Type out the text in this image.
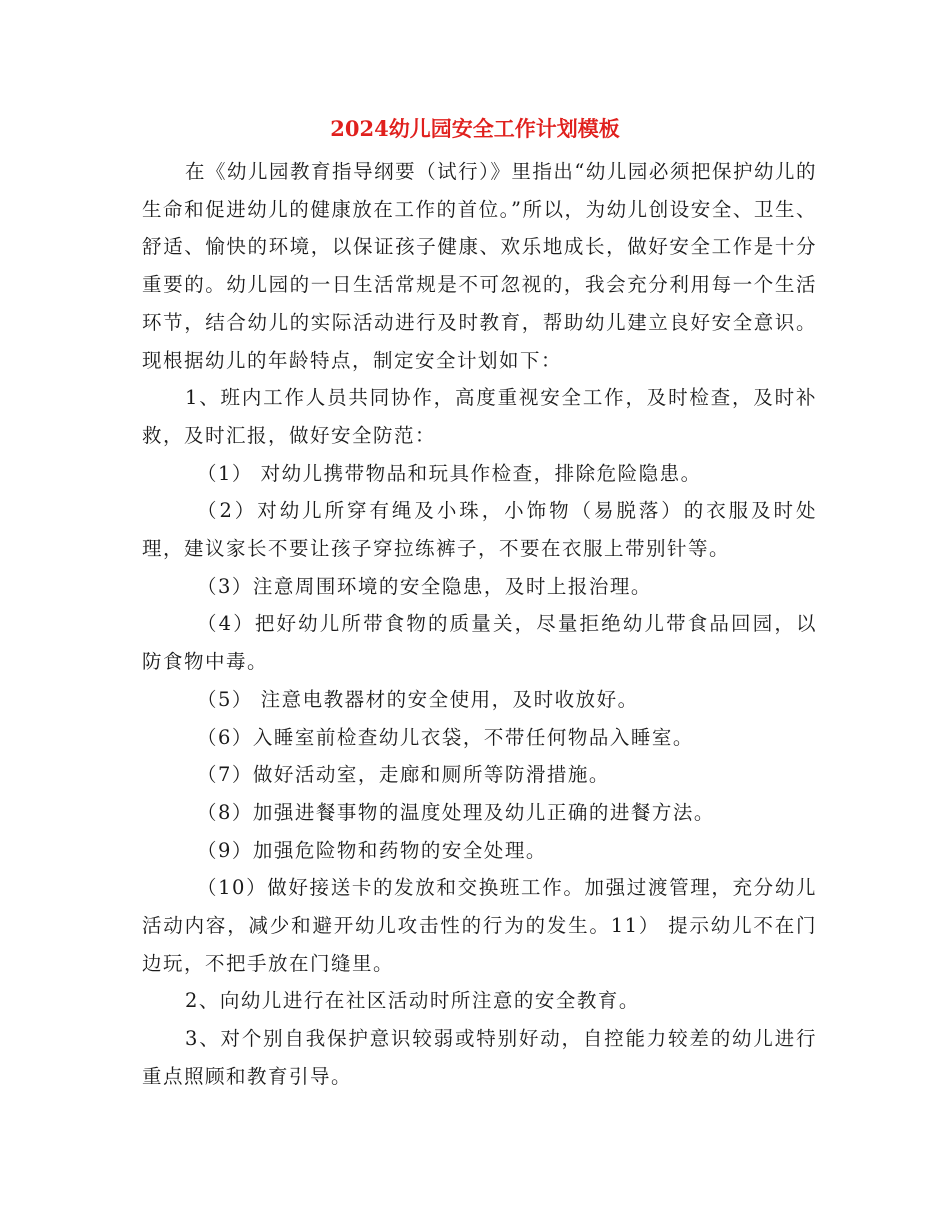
2024幼儿园安全工作计划模板

在《幼儿园教育指导纲要（试行）》里指出“幼儿园必须把保护幼儿的生命和促进幼儿的健康放在工作的首位。”所以，为幼儿创设安全、卫生、舒适、愉快的环境，以保证孩子健康、欢乐地成长，做好安全工作是十分重要的。幼儿园的一日生活常规是不可忽视的，我会充分利用每一个生活环节，结合幼儿的实际活动进行及时教育，帮助幼儿建立良好安全意识。现根据幼儿的年龄特点，制定安全计划如下：

1、班内工作人员共同协作，高度重视安全工作，及时检查，及时补救，及时汇报，做好安全防范：

（1） 对幼儿携带物品和玩具作检查，排除危险隐患。

（2）对幼儿所穿有绳及小珠，小饰物（易脱落）的衣服及时处理，建议家长不要让孩子穿拉练裤子，不要在衣服上带别针等。

（3）注意周围环境的安全隐患，及时上报治理。

（4）把好幼儿所带食物的质量关，尽量拒绝幼儿带食品回园，以防食物中毒。

（5） 注意电教器材的安全使用，及时收放好。

（6）入睡室前检查幼儿衣袋，不带任何物品入睡室。

（7）做好活动室，走廊和厕所等防滑措施。

（8）加强进餐事物的温度处理及幼儿正确的进餐方法。

（9）加强危险物和药物的安全处理。

（10）做好接送卡的发放和交换班工作。加强过渡管理，充分幼儿活动内容，减少和避开幼儿攻击性的行为的发生。11） 提示幼儿不在门边玩，不把手放在门缝里。

2、向幼儿进行在社区活动时所注意的安全教育。

3、对个别自我保护意识较弱或特别好动，自控能力较差的幼儿进行重点照顾和教育引导。
